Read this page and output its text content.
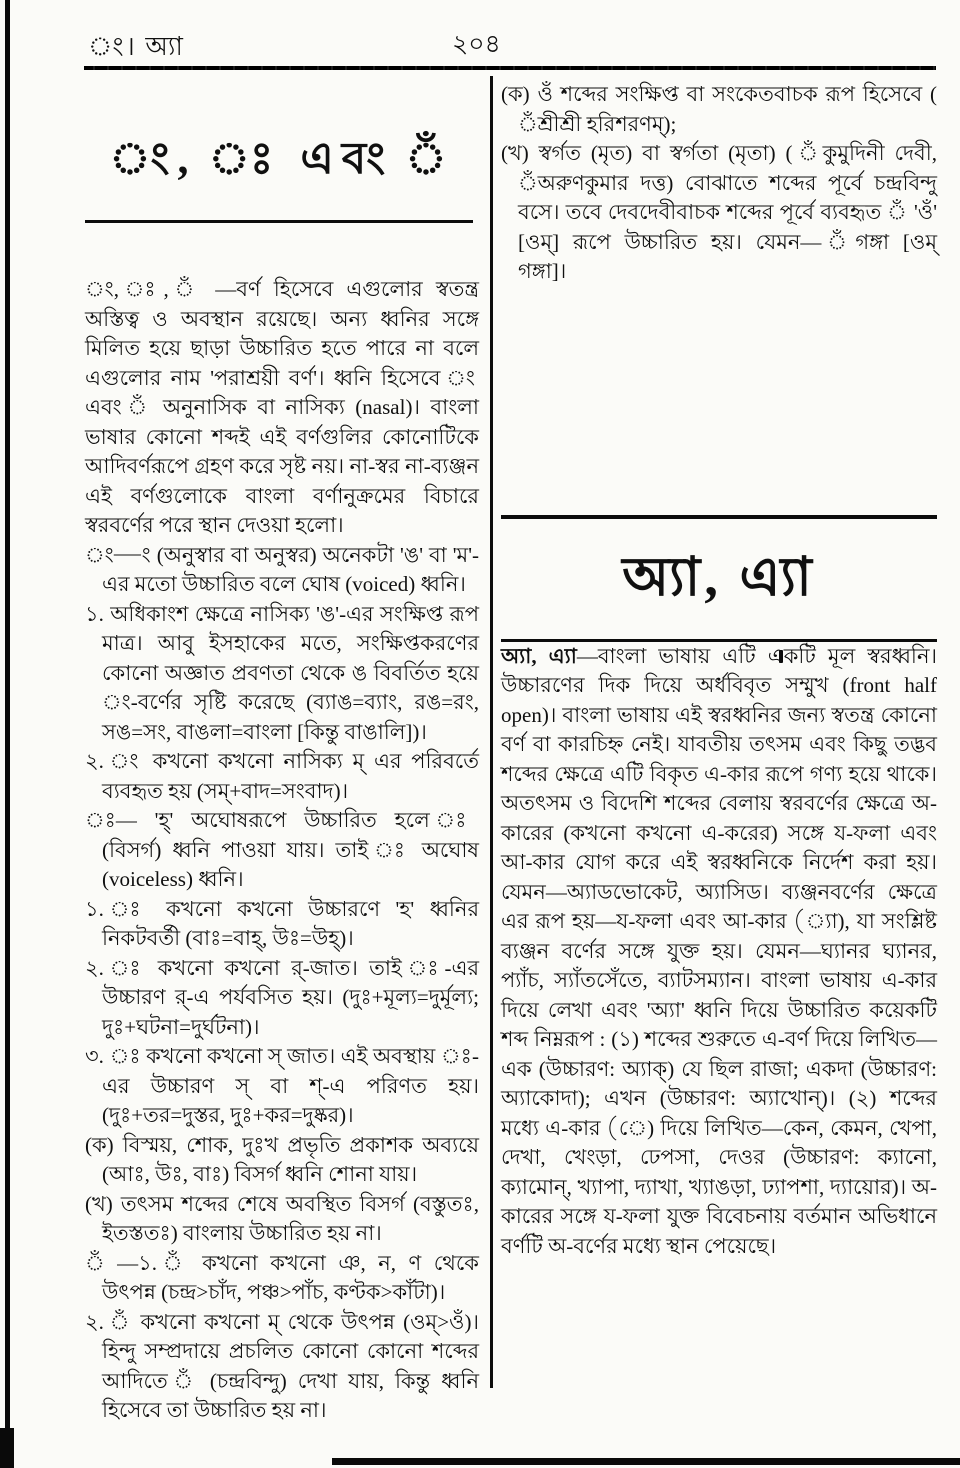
ং। অ্যা	২০৪
ং, ঃ এবং ঁ

ং, ঃ, ঁ —বর্ণ হিসেবে এগুলোর স্বতন্ত্র অস্তিত্ব ও অবস্থান রয়েছে। অন্য ধ্বনির সঙ্গে মিলিত হয়ে ছাড়া উচ্চারিত হতে পারে না বলে এগুলোর নাম 'পরাশ্রয়ী বর্ণ'। ধ্বনি হিসেবে ং এবং ঁ অনুনাসিক বা নাসিক্য (nasal)। বাংলা ভাষার কোনো শব্দই এই বর্ণগুলির কোনোটিকে আদিবর্ণরূপে গ্রহণ করে সৃষ্ট নয়। না-স্বর না-ব্যঞ্জন এই বর্ণগুলোকে বাংলা বর্ণানুক্রমের বিচারে স্বরবর্ণের পরে স্থান দেওয়া হলো।

ং—ং (অনুস্বার বা অনুস্বর) অনেকটা 'ঙ' বা 'ম'-এর মতো উচ্চারিত বলে ঘোষ (voiced) ধ্বনি।

১. অধিকাংশ ক্ষেত্রে নাসিক্য 'ঙ'-এর সংক্ষিপ্ত রূপ মাত্র। আবু ইসহাকের মতে, সংক্ষিপ্তকরণের কোনো অজ্ঞাত প্রবণতা থেকে ঙ বিবর্তিত হয়ে ং-বর্ণের সৃষ্টি করেছে (ব্যাঙ=ব্যাং, রঙ=রং, সঙ=সং, বাঙলা=বাংলা [কিন্তু বাঙালি])।

২. ং কখনো কখনো নাসিক্য ম্ এর পরিবর্তে ব্যবহৃত হয় (সম্+বাদ=সংবাদ)।

ঃ— 'হ্' অঘোষরূপে উচ্চারিত হলে ঃ (বিসর্গ) ধ্বনি পাওয়া যায়। তাই ঃ অঘোষ (voiceless) ধ্বনি।

১. ঃ কখনো কখনো উচ্চারণে 'হ' ধ্বনির নিকটবর্তী (বাঃ=বাহ্, উঃ=উহ্)।

২. ঃ কখনো কখনো র্-জাত। তাই ঃ-এর উচ্চারণ র্-এ পর্যবসিত হয়। (দুঃ+মূল্য=দুর্মূল্য; দুঃ+ঘটনা=দুর্ঘটনা)।

৩. ঃ কখনো কখনো স্ জাত। এই অবস্থায় ঃ-এর উচ্চারণ স্ বা শ্-এ পরিণত হয়। (দুঃ+তর=দুস্তর, দুঃ+কর=দুষ্কর)।

(ক) বিস্ময়, শোক, দুঃখ প্রভৃতি প্রকাশক অব্যয়ে (আঃ, উঃ, বাঃ) বিসর্গ ধ্বনি শোনা যায়।

(খ) তৎসম শব্দের শেষে অবস্থিত বিসর্গ (বস্তুতঃ, ইতস্ততঃ) বাংলায় উচ্চারিত হয় না।

ঁ —১. ঁ কখনো কখনো ঞ, ন, ণ থেকে উৎপন্ন (চন্দ্র>চাঁদ, পঞ্চ>পাঁচ, কণ্টক>কাঁটা)।

২. ঁ কখনো কখনো ম্ থেকে উৎপন্ন (ওম্>ওঁ)। হিন্দু সম্প্রদায়ে প্রচলিত কোনো কোনো শব্দের আদিতে ঁ (চন্দ্রবিন্দু) দেখা যায়, কিন্তু ধ্বনি হিসেবে তা উচ্চারিত হয় না।

(ক) ওঁ শব্দের সংক্ষিপ্ত বা সংকেতবাচক রূপ হিসেবে ( ঁশ্রীশ্রী হরিশরণম্);

(খ) স্বর্গত (মৃত) বা স্বর্গতা (মৃতা) ( ঁকুমুদিনী দেবী, ঁঅরুণকুমার দত্ত) বোঝাতে শব্দের পূর্বে চন্দ্রবিন্দু বসে। তবে দেবদেবীবাচক শব্দের পূর্বে ব্যবহৃত ঁ 'ওঁ' [ওম্] রূপে উচ্চারিত হয়। যেমন— ঁগঙ্গা [ওম্ গঙ্গা]।

অ্যা, এ্যা

অ্যা, এ্যা—বাংলা ভাষায় এটি একটি মূল স্বরধ্বনি। উচ্চারণের দিক দিয়ে অর্ধবিবৃত সম্মুখ (front half open)। বাংলা ভাষায় এই স্বরধ্বনির জন্য স্বতন্ত্র কোনো বর্ণ বা কারচিহ্ন নেই। যাবতীয় তৎসম এবং কিছু তদ্ভব শব্দের ক্ষেত্রে এটি বিকৃত এ-কার রূপে গণ্য হয়ে থাকে। অতৎসম ও বিদেশি শব্দের বেলায় স্বরবর্ণের ক্ষেত্রে অ-কারের (কখনো কখনো এ-করের) সঙ্গে য-ফলা এবং আ-কার যোগ করে এই স্বরধ্বনিকে নির্দেশ করা হয়। যেমন—অ্যাডভোকেট, অ্যাসিড। ব্যঞ্জনবর্ণের ক্ষেত্রে এর রূপ হয়—য-ফলা এবং আ-কার (্যা), যা সংশ্লিষ্ট ব্যঞ্জন বর্ণের সঙ্গে যুক্ত হয়। যেমন—ঘ্যানর ঘ্যানর, প্যাঁচ, স্যাঁতসেঁতে, ব্যাটসম্যান। বাংলা ভাষায় এ-কার দিয়ে লেখা এবং 'অ্যা' ধ্বনি দিয়ে উচ্চারিত কয়েকটি শব্দ নিম্নরূপ : (১) শব্দের শুরুতে এ-বর্ণ দিয়ে লিখিত—এক (উচ্চারণ: অ্যাক্) যে ছিল রাজা; একদা (উচ্চারণ: অ্যাকোদা); এখন (উচ্চারণ: অ্যাখোন্)। (২) শব্দের মধ্যে এ-কার (ে) দিয়ে লিখিত—কেন, কেমন, খেপা, দেখা, খেংড়া, ঢেপসা, দেওর (উচ্চারণ: ক্যানো, ক্যামোন্, খ্যাপা, দ্যাখা, খ্যাঙড়া, ঢ্যাপশা, দ্যায়োর)। অ-কারের সঙ্গে য-ফলা যুক্ত বিবেচনায় বর্তমান অভিধানে বর্ণটি অ-বর্ণের মধ্যে স্থান পেয়েছে।
